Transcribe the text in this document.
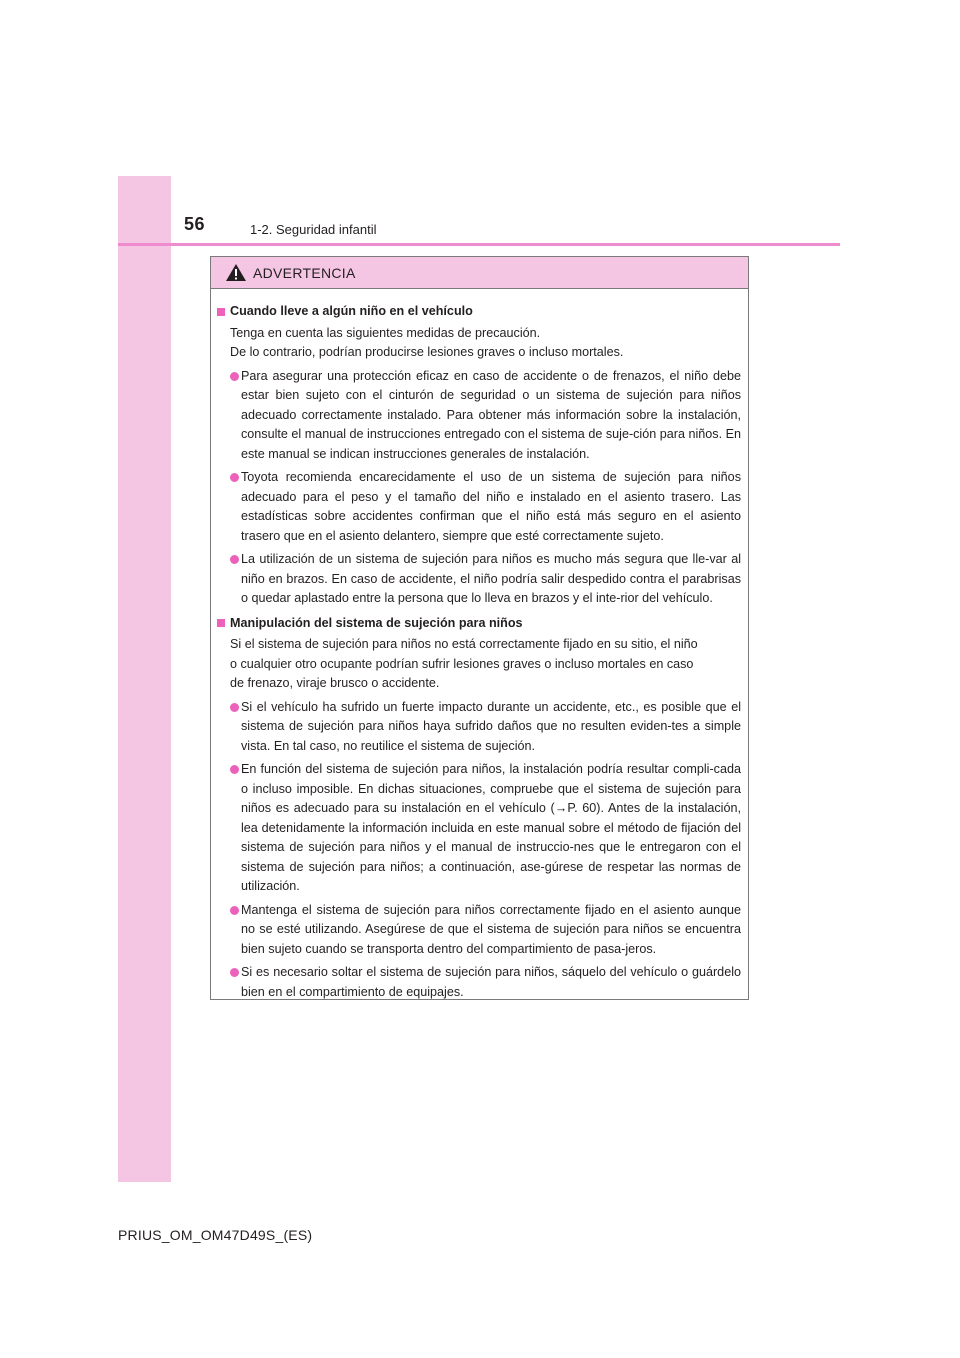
56	1-2. Seguridad infantil
ADVERTENCIA
Cuando lleve a algún niño en el vehículo
Tenga en cuenta las siguientes medidas de precaución.
De lo contrario, podrían producirse lesiones graves o incluso mortales.
Para asegurar una protección eficaz en caso de accidente o de frenazos, el niño debe estar bien sujeto con el cinturón de seguridad o un sistema de sujeción para niños adecuado correctamente instalado. Para obtener más información sobre la instalación, consulte el manual de instrucciones entregado con el sistema de suje-ción para niños. En este manual se indican instrucciones generales de instalación.
Toyota recomienda encarecidamente el uso de un sistema de sujeción para niños adecuado para el peso y el tamaño del niño e instalado en el asiento trasero. Las estadísticas sobre accidentes confirman que el niño está más seguro en el asiento trasero que en el asiento delantero, siempre que esté correctamente sujeto.
La utilización de un sistema de sujeción para niños es mucho más segura que lle-var al niño en brazos. En caso de accidente, el niño podría salir despedido contra el parabrisas o quedar aplastado entre la persona que lo lleva en brazos y el inte-rior del vehículo.
Manipulación del sistema de sujeción para niños
Si el sistema de sujeción para niños no está correctamente fijado en su sitio, el niño
o cualquier otro ocupante podrían sufrir lesiones graves o incluso mortales en caso
de frenazo, viraje brusco o accidente.
Si el vehículo ha sufrido un fuerte impacto durante un accidente, etc., es posible que el sistema de sujeción para niños haya sufrido daños que no resulten eviden-tes a simple vista. En tal caso, no reutilice el sistema de sujeción.
En función del sistema de sujeción para niños, la instalación podría resultar compli-cada o incluso imposible. En dichas situaciones, compruebe que el sistema de sujeción para niños es adecuado para su instalación en el vehículo (→P. 60). Antes de la instalación, lea detenidamente la información incluida en este manual sobre el método de fijación del sistema de sujeción para niños y el manual de instruccio-nes que le entregaron con el sistema de sujeción para niños; a continuación, ase-gúrese de respetar las normas de utilización.
Mantenga el sistema de sujeción para niños correctamente fijado en el asiento aunque no se esté utilizando. Asegúrese de que el sistema de sujeción para niños se encuentra bien sujeto cuando se transporta dentro del compartimiento de pasa-jeros.
Si es necesario soltar el sistema de sujeción para niños, sáquelo del vehículo o guárdelo bien en el compartimiento de equipajes.
PRIUS_OM_OM47D49S_(ES)
